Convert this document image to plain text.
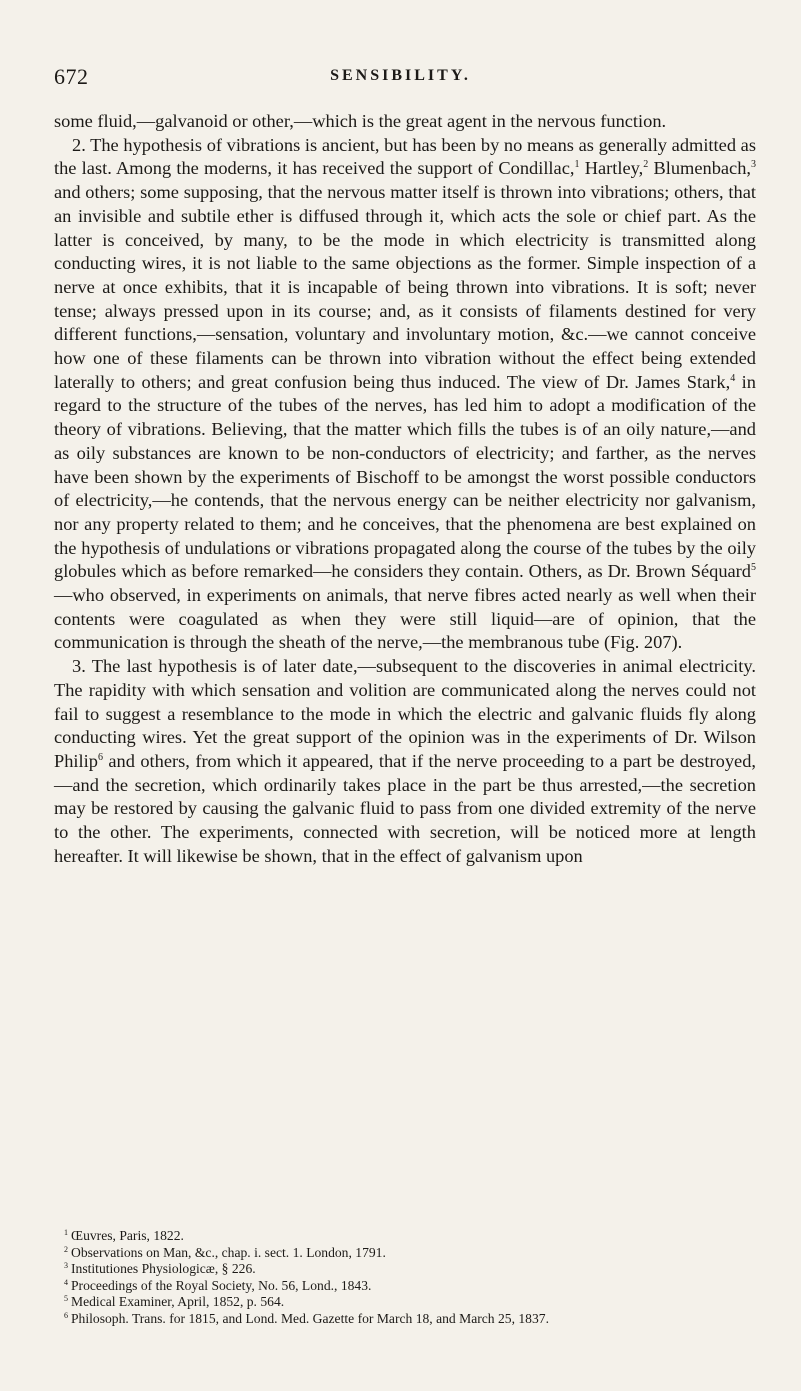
672	SENSIBILITY.

some fluid,—galvanoid or other,—which is the great agent in the nervous function.

2. The hypothesis of vibrations is ancient, but has been by no means as generally admitted as the last. Among the moderns, it has received the support of Condillac,$^1$ Hartley,$^2$ Blumenbach,$^3$ and others; some supposing, that the nervous matter itself is thrown into vibrations; others, that an invisible and subtile ether is diffused through it, which acts the sole or chief part. As the latter is conceived, by many, to be the mode in which electricity is transmitted along conducting wires, it is not liable to the same objections as the former. Simple inspection of a nerve at once exhibits, that it is incapable of being thrown into vibrations. It is soft; never tense; always pressed upon in its course; and, as it consists of filaments destined for very different functions,—sensation, voluntary and involuntary motion, &c.—we cannot conceive how one of these filaments can be thrown into vibration without the effect being extended laterally to others; and great confusion being thus induced. The view of Dr. James Stark,$^4$ in regard to the structure of the tubes of the nerves, has led him to adopt a modification of the theory of vibrations. Believing, that the matter which fills the tubes is of an oily nature,—and as oily substances are known to be non-conductors of electricity; and farther, as the nerves have been shown by the experiments of Bischoff to be amongst the worst possible conductors of electricity,—he contends, that the nervous energy can be neither electricity nor galvanism, nor any property related to them; and he conceives, that the phenomena are best explained on the hypothesis of undulations or vibrations propagated along the course of the tubes by the oily globules which as before remarked—he considers they contain. Others, as Dr. Brown Séquard$^5$ —who observed, in experiments on animals, that nerve fibres acted nearly as well when their contents were coagulated as when they were still liquid—are of opinion, that the communication is through the sheath of the nerve,—the membranous tube (Fig. 207).

3. The last hypothesis is of later date,—subsequent to the discoveries in animal electricity. The rapidity with which sensation and volition are communicated along the nerves could not fail to suggest a resemblance to the mode in which the electric and galvanic fluids fly along conducting wires. Yet the great support of the opinion was in the experiments of Dr. Wilson Philip$^6$ and others, from which it appeared, that if the nerve proceeding to a part be destroyed,—and the secretion, which ordinarily takes place in the part be thus arrested,—the secretion may be restored by causing the galvanic fluid to pass from one divided extremity of the nerve to the other. The experiments, connected with secretion, will be noticed more at length hereafter. It will likewise be shown, that in the effect of galvanism upon

$^1$ Œuvres, Paris, 1822.

$^2$ Observations on Man, &c., chap. i. sect. 1. London, 1791.

$^3$ Institutiones Physiologicæ, § 226.

$^4$ Proceedings of the Royal Society, No. 56, Lond., 1843.

$^5$ Medical Examiner, April, 1852, p. 564.

$^6$ Philosoph. Trans. for 1815, and Lond. Med. Gazette for March 18, and March 25, 1837.
